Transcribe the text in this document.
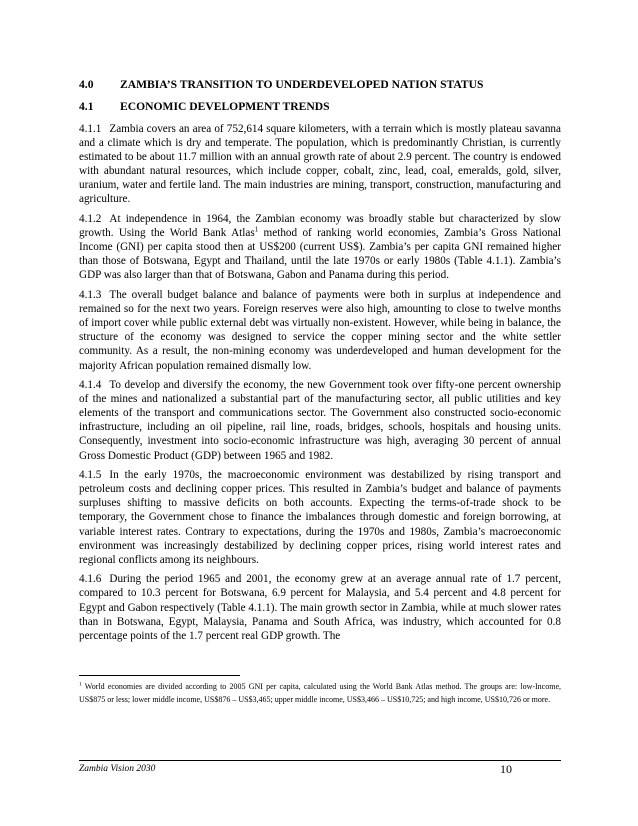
4.0 ZAMBIA’S TRANSITION TO UNDERDEVELOPED NATION STATUS
4.1 ECONOMIC DEVELOPMENT TRENDS

4.1.1 Zambia covers an area of 752,614 square kilometers, with a terrain which is mostly plateau savanna and a climate which is dry and temperate. The population, which is predominantly Christian, is currently estimated to be about 11.7 million with an annual growth rate of about 2.9 percent. The country is endowed with abundant natural resources, which include copper, cobalt, zinc, lead, coal, emeralds, gold, silver, uranium, water and fertile land. The main industries are mining, transport, construction, manufacturing and agriculture.

4.1.2 At independence in 1964, the Zambian economy was broadly stable but characterized by slow growth. Using the World Bank Atlas$^1$ method of ranking world economies, Zambia’s Gross National Income (GNI) per capita stood then at US$200 (current US$). Zambia’s per capita GNI remained higher than those of Botswana, Egypt and Thailand, until the late 1970s or early 1980s (Table 4.1.1). Zambia’s GDP was also larger than that of Botswana, Gabon and Panama during this period.

4.1.3 The overall budget balance and balance of payments were both in surplus at independence and remained so for the next two years. Foreign reserves were also high, amounting to close to twelve months of import cover while public external debt was virtually non-existent. However, while being in balance, the structure of the economy was designed to service the copper mining sector and the white settler community. As a result, the non-mining economy was underdeveloped and human development for the majority African population remained dismally low.

4.1.4 To develop and diversify the economy, the new Government took over fifty-one percent ownership of the mines and nationalized a substantial part of the manufacturing sector, all public utilities and key elements of the transport and communications sector. The Government also constructed socio-economic infrastructure, including an oil pipeline, rail line, roads, bridges, schools, hospitals and housing units. Consequently, investment into socio-economic infrastructure was high, averaging 30 percent of annual Gross Domestic Product (GDP) between 1965 and 1982.

4.1.5 In the early 1970s, the macroeconomic environment was destabilized by rising transport and petroleum costs and declining copper prices. This resulted in Zambia’s budget and balance of payments surpluses shifting to massive deficits on both accounts. Expecting the terms-of-trade shock to be temporary, the Government chose to finance the imbalances through domestic and foreign borrowing, at variable interest rates. Contrary to expectations, during the 1970s and 1980s, Zambia’s macroeconomic environment was increasingly destabilized by declining copper prices, rising world interest rates and regional conflicts among its neighbours.

4.1.6 During the period 1965 and 2001, the economy grew at an average annual rate of 1.7 percent, compared to 10.3 percent for Botswana, 6.9 percent for Malaysia, and 5.4 percent and 4.8 percent for Egypt and Gabon respectively (Table 4.1.1). The main growth sector in Zambia, while at much slower rates than in Botswana, Egypt, Malaysia, Panama and South Africa, was industry, which accounted for 0.8 percentage points of the 1.7 percent real GDP growth. The

$^1$ World economies are divided according to 2005 GNI per capita, calculated using the World Bank Atlas method. The groups are: low-Income, US$875 or less; lower middle income, US$876 – US$3,465; upper middle income, US$3,466 – US$10,725; and high income, US$10,726 or more.
Zambia Vision 2030	10
